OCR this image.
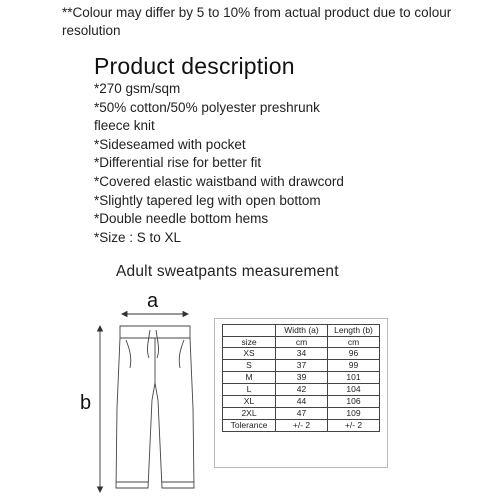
**Colour may differ by 5 to 10% from actual product due to colour resolution
Product description
*270 gsm/sqm
*50% cotton/50% polyester preshrunk
fleece knit
*Sideseamed with pocket
*Differential rise for better fit
*Covered elastic waistband with drawcord
*Slightly tapered leg with open bottom
*Double needle bottom hems
*Size : S to XL
Adult sweatpants measurement
a
b
	Width (a)	Length (b)
size	cm	cm
XS	34	96
S	37	99
M	39	101
L	42	104
XL	44	106
2XL	47	109
Tolerance	+/- 2	+/- 2
